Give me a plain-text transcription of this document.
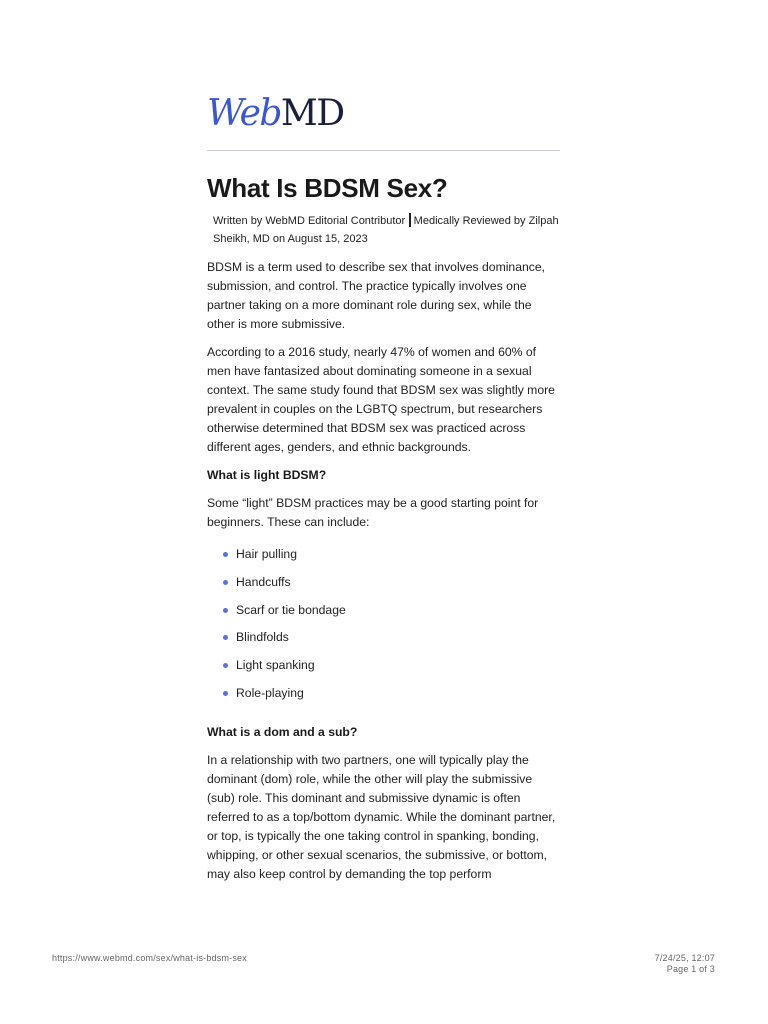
WebMD
What Is BDSM Sex?
Written by WebMD Editorial Contributor Medically Reviewed by Zilpah Sheikh, MD on August 15, 2023

BDSM is a term used to describe sex that involves dominance, submission, and control. The practice typically involves one partner taking on a more dominant role during sex, while the other is more submissive.

According to a 2016 study, nearly 47% of women and 60% of men have fantasized about dominating someone in a sexual context. The same study found that BDSM sex was slightly more prevalent in couples on the LGBTQ spectrum, but researchers otherwise determined that BDSM sex was practiced across different ages, genders, and ethnic backgrounds.

What is light BDSM?

Some “light” BDSM practices may be a good starting point for beginners. These can include:

Hair pulling
Handcuffs
Scarf or tie bondage
Blindfolds
Light spanking
Role-playing
What is a dom and a sub?

In a relationship with two partners, one will typically play the dominant (dom) role, while the other will play the submissive (sub) role. This dominant and submissive dynamic is often referred to as a top/bottom dynamic. While the dominant partner, or top, is typically the one taking control in spanking, bonding, whipping, or other sexual scenarios, the submissive, or bottom, may also keep control by demanding the top perform

https://www.webmd.com/sex/what-is-bdsm-sex	7/24/25, 12:07
Page 1 of 3
